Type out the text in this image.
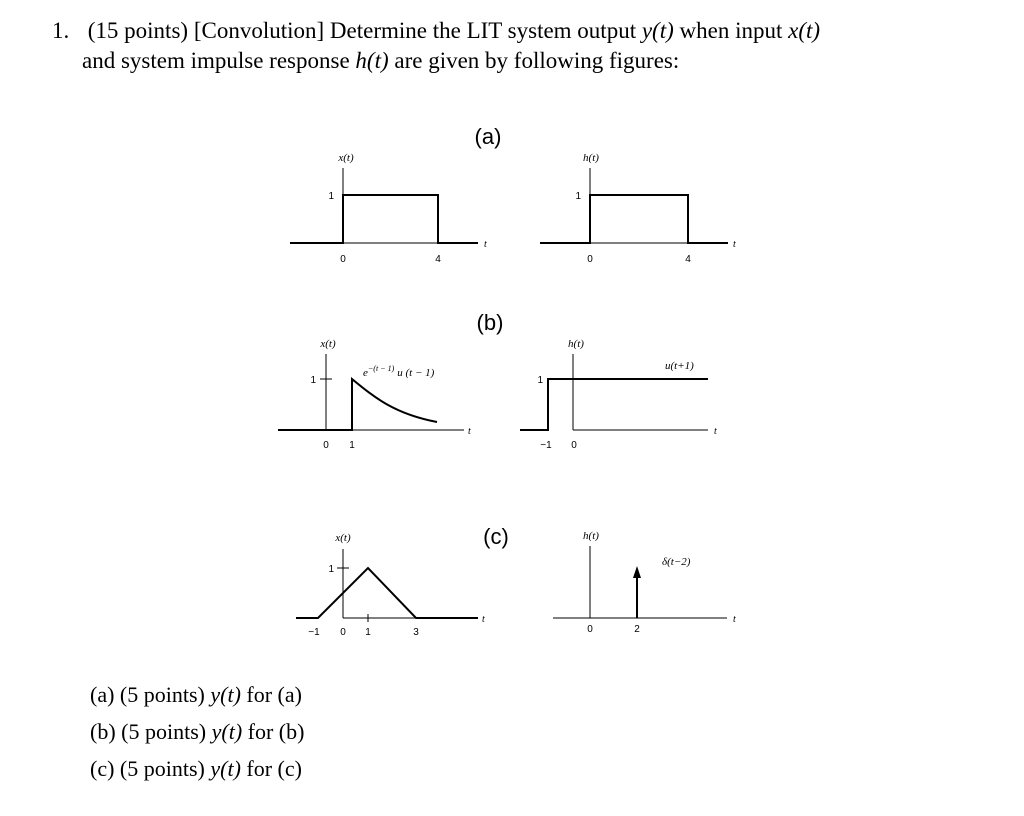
1. (15 points) [Convolution] Determine the LIT system output y(t) when input x(t)
and system impulse response h(t) are given by following figures:
(a)
x(t)
1
0	4
t
h(t)
1
0	4
t
(b)
x(t)
1
0 1
t
$e^{-(t - 1)}$ u (t − 1)
h(t)
1
−1 0
t
u(t+1)
(c)
x(t)
1
−1 0 1	3
t
h(t)
0	2
t
δ(t−2)
(a) (5 points) y(t) for (a)
(b) (5 points) y(t) for (b)
(c) (5 points) y(t) for (c)
